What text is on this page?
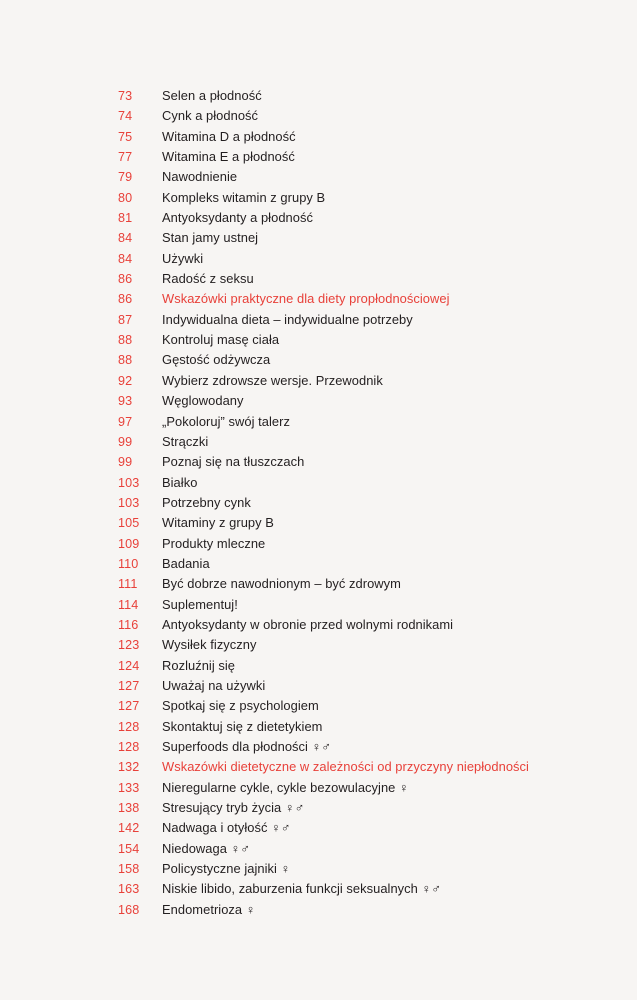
73	Selen a płodność
74	Cynk a płodność
75	Witamina D a płodność
77	Witamina E a płodność
79	Nawodnienie
80	Kompleks witamin z grupy B
81	Antyoksydanty a płodność
84	Stan jamy ustnej
84	Używki
86	Radość z seksu
86	Wskazówki praktyczne dla diety propłodnościowej
87	Indywidualna dieta – indywidualne potrzeby
88	Kontroluj masę ciała
88	Gęstość odżywcza
92	Wybierz zdrowsze wersje. Przewodnik
93	Węglowodany
97	„Pokoloruj” swój talerz
99	Strączki
99	Poznaj się na tłuszczach
103	Białko
103	Potrzebny cynk
105	Witaminy z grupy B
109	Produkty mleczne
110	Badania
111	Być dobrze nawodnionym – być zdrowym
114	Suplementuj!
116	Antyoksydanty w obronie przed wolnymi rodnikami
123	Wysiłek fizyczny
124	Rozluźnij się
127	Uważaj na używki
127	Spotkaj się z psychologiem
128	Skontaktuj się z dietetykiem
128	Superfoods dla płodności ♀♂
132	Wskazówki dietetyczne w zależności od przyczyny niepłodności
133	Nieregularne cykle, cykle bezowulacyjne ♀
138	Stresujący tryb życia ♀♂
142	Nadwaga i otyłość ♀♂
154	Niedowaga ♀♂
158	Policystyczne jajniki ♀
163	Niskie libido, zaburzenia funkcji seksualnych ♀♂
168	Endometrioza ♀
